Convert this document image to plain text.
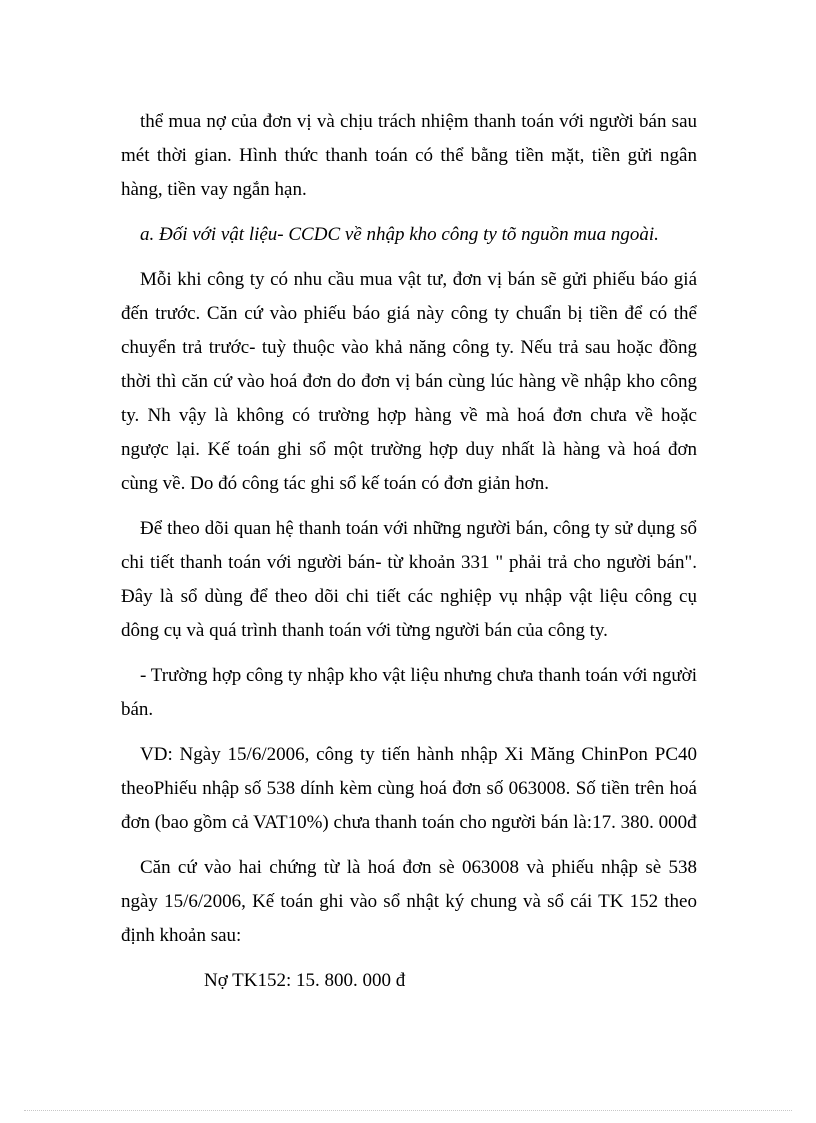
thể mua nợ của đơn vị và chịu trách nhiệm thanh toán với người bán sau mét thời gian. Hình thức thanh toán có thể bằng tiền mặt, tiền gửi ngân hàng, tiền vay ngắn hạn.

a. Đối với vật liệu- CCDC về nhập kho công ty tõ nguồn mua ngoài.

Mỗi khi công ty có nhu cầu mua vật tư, đơn vị bán sẽ gửi phiếu báo giá đến trước. Căn cứ vào phiếu báo giá này công ty chuẩn bị tiền để có thể chuyển trả trước- tuỳ thuộc vào khả năng công ty. Nếu trả sau hoặc đồng thời thì căn cứ vào hoá đơn do đơn vị bán cùng lúc hàng về nhập kho công ty. Nh vậy là không có trường hợp hàng về mà hoá đơn chưa về hoặc ngược lại. Kế toán ghi sổ một trường hợp duy nhất là hàng và hoá đơn cùng về. Do đó công tác ghi sổ kế toán có đơn giản hơn.

Để theo dõi quan hệ thanh toán với những người bán, công ty sử dụng sổ chi tiết thanh toán với người bán- từ khoản 331 " phải trả cho người bán". Đây là sổ dùng để theo dõi chi tiết các nghiệp vụ nhập vật liệu công cụ dông cụ và quá trình thanh toán với từng người bán của công ty.

- Trường hợp công ty nhập kho vật liệu nhưng chưa thanh toán với người bán.

VD: Ngày 15/6/2006, công ty tiến hành nhập Xi Măng ChinPon PC40 theoPhiếu nhập số 538 dính kèm cùng hoá đơn số 063008. Số tiền trên hoá đơn (bao gồm cả VAT10%) chưa thanh toán cho người bán là:17. 380. 000đ

Căn cứ vào hai chứng từ là hoá đơn sè 063008 và phiếu nhập sè 538 ngày 15/6/2006, Kế toán ghi vào sổ nhật ký chung và sổ cái TK 152 theo định khoản sau:

Nợ TK152: 15. 800. 000 đ
